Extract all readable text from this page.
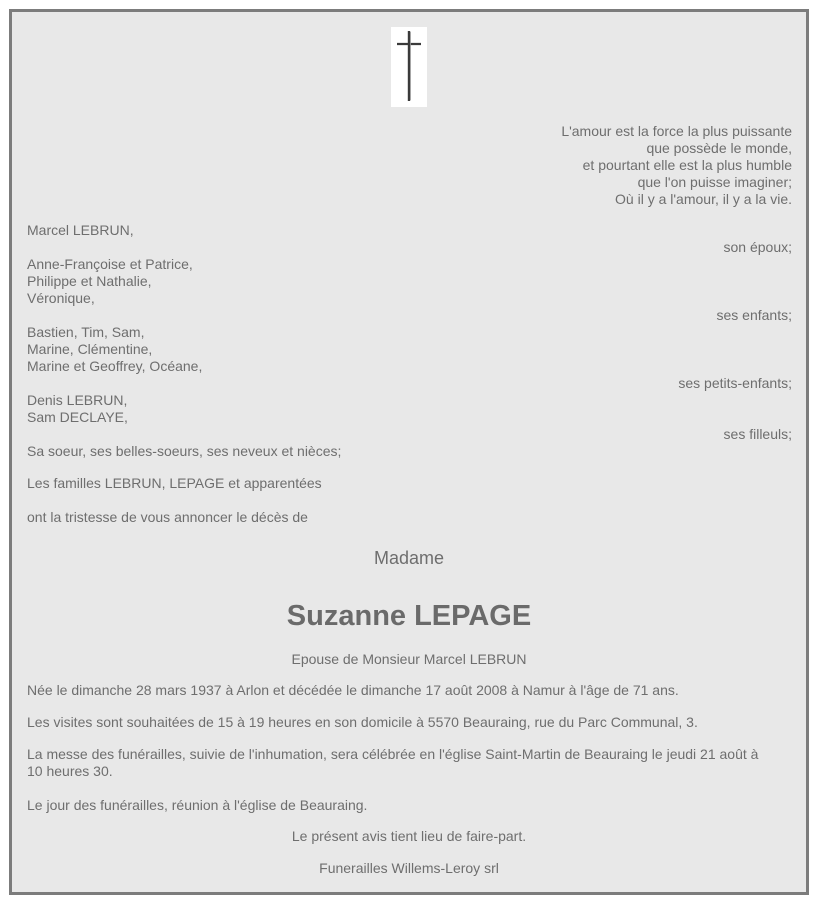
L'amour est la force la plus puissante
que possède le monde,
et pourtant elle est la plus humble
que l'on puisse imaginer;
Où il y a l'amour, il y a la vie.
Marcel LEBRUN,
son époux;
Anne-Françoise et Patrice,
Philippe et Nathalie,
Véronique,
ses enfants;
Bastien, Tim, Sam,
Marine, Clémentine,
Marine et Geoffrey, Océane,
ses petits-enfants;
Denis LEBRUN,
Sam DECLAYE,
ses filleuls;
Sa soeur, ses belles-soeurs, ses neveux et nièces;
Les familles LEBRUN, LEPAGE et apparentées
ont la tristesse de vous annoncer le décès de
Madame
Suzanne LEPAGE
Epouse de Monsieur Marcel LEBRUN
Née le dimanche 28 mars 1937 à Arlon et décédée le dimanche 17 août 2008 à Namur à l'âge de 71 ans.
Les visites sont souhaitées de 15 à 19 heures en son domicile à 5570 Beauraing, rue du Parc Communal, 3.
La messe des funérailles, suivie de l'inhumation, sera célébrée en l'église Saint-Martin de Beauraing le jeudi 21 août à
10 heures 30.
Le jour des funérailles, réunion à l'église de Beauraing.
Le présent avis tient lieu de faire-part.
Funerailles Willems-Leroy srl
